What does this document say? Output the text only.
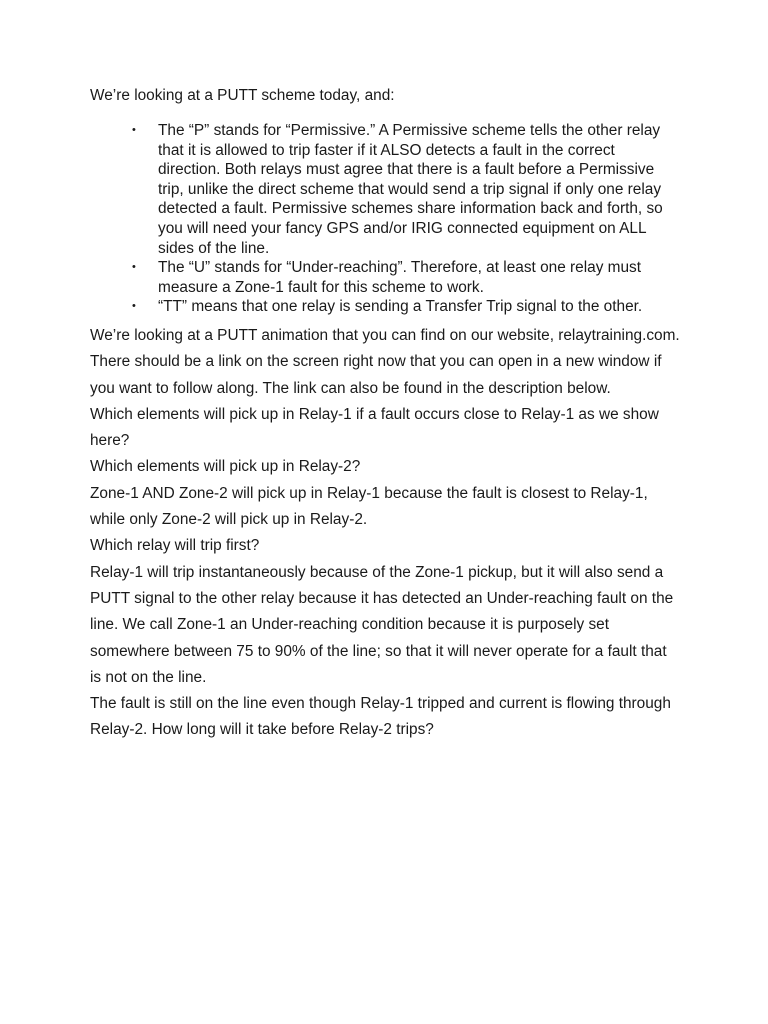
We’re looking at a PUTT scheme today, and:

• The “P” stands for “Permissive.” A Permissive scheme tells the other relay that it is allowed to trip faster if it ALSO detects a fault in the correct direction. Both relays must agree that there is a fault before a Permissive trip, unlike the direct scheme that would send a trip signal if only one relay detected a fault. Permissive schemes share information back and forth, so you will need your fancy GPS and/or IRIG connected equipment on ALL sides of the line.
• The “U” stands for “Under-reaching”. Therefore, at least one relay must measure a Zone-1 fault for this scheme to work.
• “TT” means that one relay is sending a Transfer Trip signal to the other.

We’re looking at a PUTT animation that you can find on our website, relaytraining.com. There should be a link on the screen right now that you can open in a new window if you want to follow along. The link can also be found in the description below.

Which elements will pick up in Relay-1 if a fault occurs close to Relay-1 as we show here?

Which elements will pick up in Relay-2?

Zone-1 AND Zone-2 will pick up in Relay-1 because the fault is closest to Relay-1, while only Zone-2 will pick up in Relay-2.

Which relay will trip first?

Relay-1 will trip instantaneously because of the Zone-1 pickup, but it will also send a PUTT signal to the other relay because it has detected an Under-reaching fault on the line. We call Zone-1 an Under-reaching condition because it is purposely set somewhere between 75 to 90% of the line; so that it will never operate for a fault that is not on the line.

The fault is still on the line even though Relay-1 tripped and current is flowing through Relay-2. How long will it take before Relay-2 trips?
